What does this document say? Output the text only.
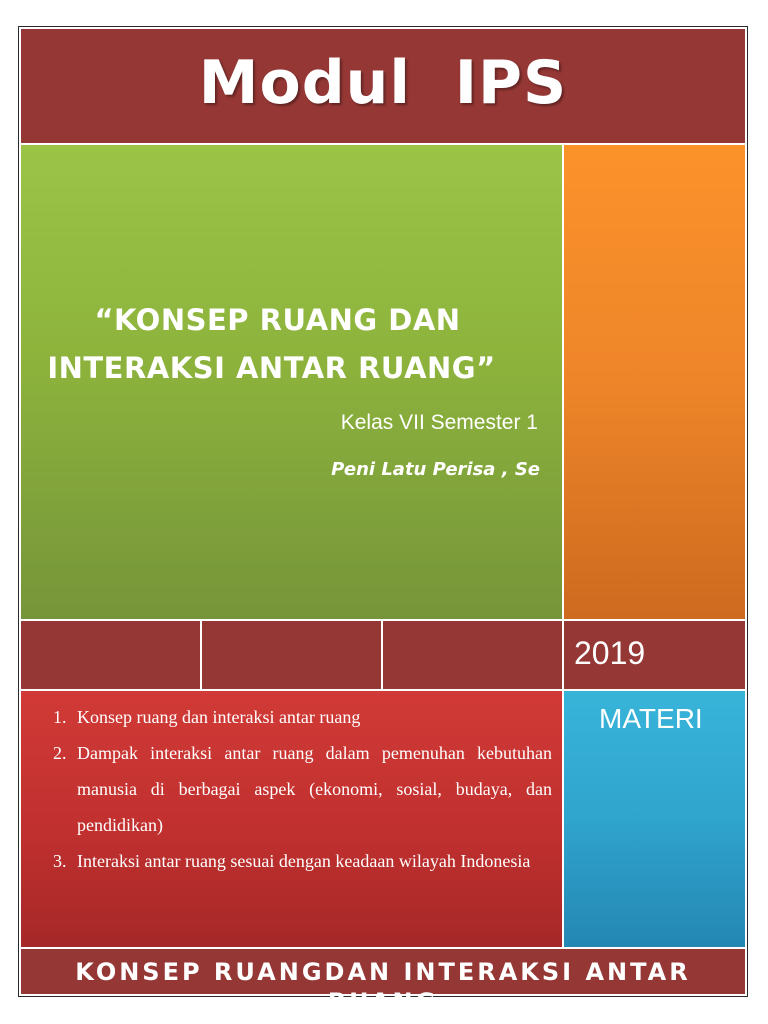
Modul  IPS
“KONSEP RUANG DAN
INTERAKSI ANTAR RUANG”
Kelas VII Semester 1
Peni Latu Perisa , Se
2019
1. Konsep ruang dan interaksi antar ruang
2. Dampak interaksi antar ruang dalam pemenuhan kebutuhan manusia di berbagai aspek (ekonomi, sosial, budaya, dan pendidikan)
3. Interaksi antar ruang sesuai dengan keadaan wilayah Indonesia
MATERI
KONSEP RUANGDAN INTERAKSI ANTAR RUANG
